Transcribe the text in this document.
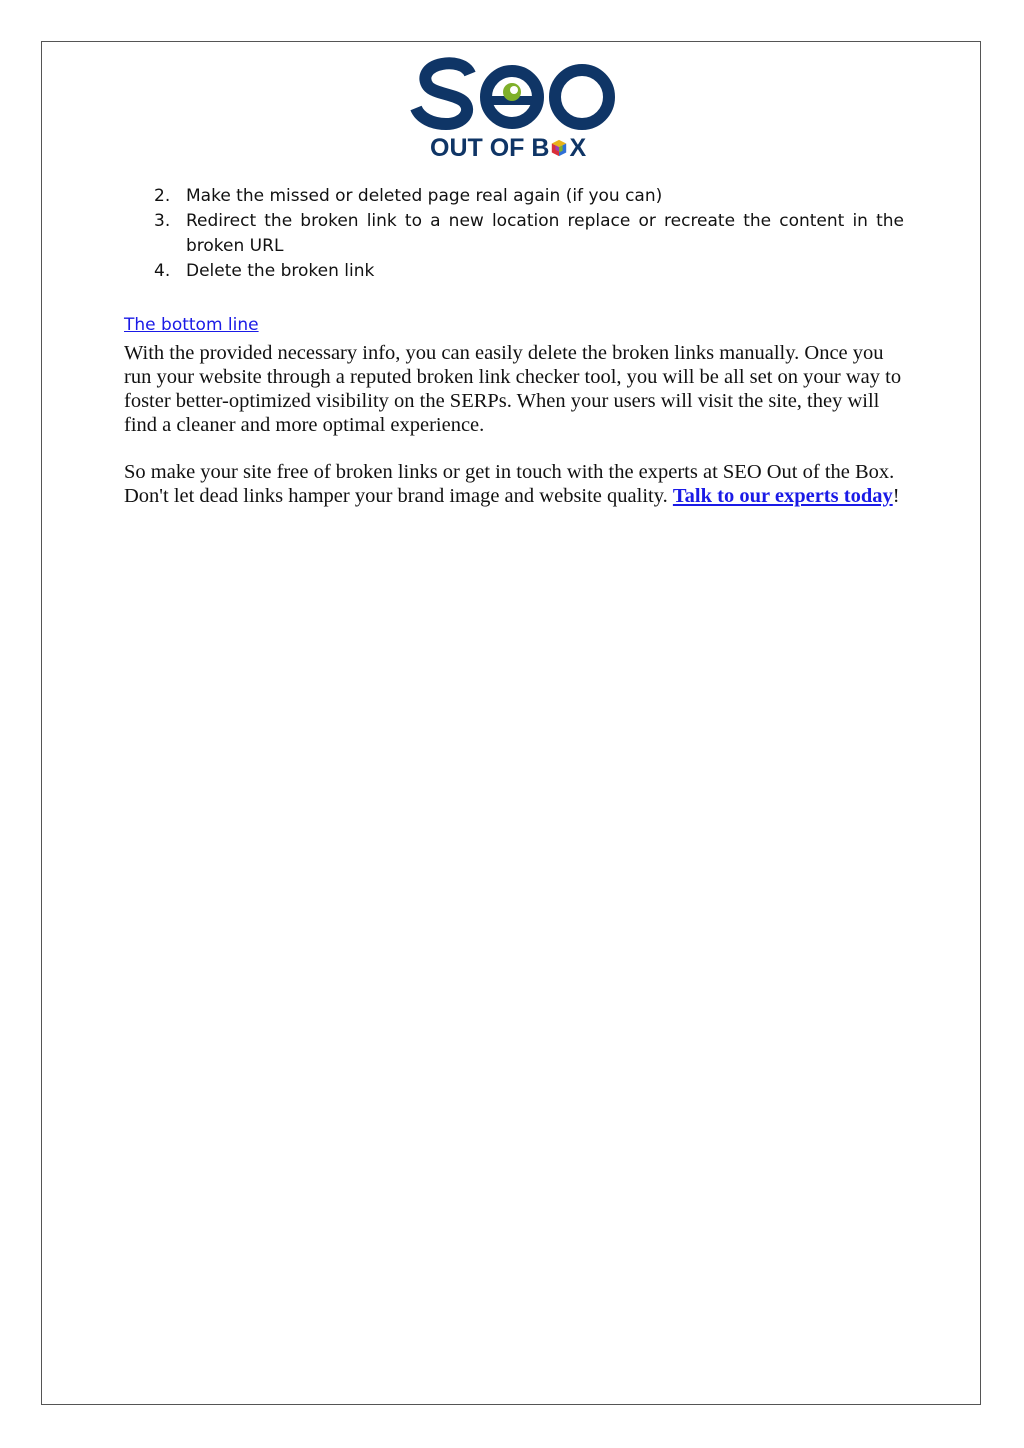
OUT OF B X
2. Make the missed or deleted page real again (if you can)
3. Redirect the broken link to a new location replace or recreate the content in the broken URL
4. Delete the broken link
The bottom line

With the provided necessary info, you can easily delete the broken links manually. Once you run your website through a reputed broken link checker tool, you will be all set on your way to foster better-optimized visibility on the SERPs. When your users will visit the site, they will find a cleaner and more optimal experience.

So make your site free of broken links or get in touch with the experts at SEO Out of the Box. Don't let dead links hamper your brand image and website quality. Talk to our experts today!
